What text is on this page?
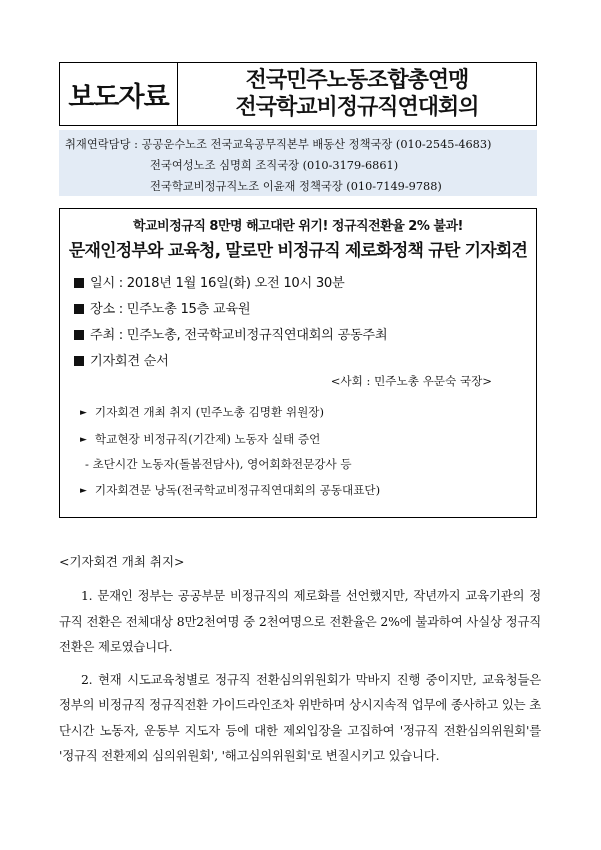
보도자료
전국민주노동조합총연맹
전국학교비정규직연대회의
취재연락담당 : 공공운수노조 전국교육공무직본부 배동산 정책국장 (010-2545-4683)
전국여성노조 심명희 조직국장 (010-3179-6861)
전국학교비정규직노조 이윤재 정책국장 (010-7149-9788)
학교비정규직 8만명 해고대란 위기! 정규직전환율 2% 불과!
문재인정부와 교육청, 말로만 비정규직 제로화정책 규탄 기자회견
일시 : 2018년 1월 16일(화) 오전 10시 30분
장소 : 민주노총 15층 교육원
주최 : 민주노총, 전국학교비정규직연대회의 공동주최
기자회견 순서
<사회 : 민주노총 우문숙 국장>
► 기자회견 개최 취지 (민주노총 김명환 위원장)
► 학교현장 비정규직(기간제) 노동자 실태 증언
- 초단시간 노동자(돌봄전담사), 영어회화전문강사 등
► 기자회견문 낭독(전국학교비정규직연대회의 공동대표단)
<기자회견 개최 취지>

1. 문재인 정부는 공공부문 비정규직의 제로화를 선언했지만, 작년까지 교육기관의 정규직 전환은 전체대상 8만2천여명 중 2천여명으로 전환율은 2%에 불과하여 사실상 정규직 전환은 제로였습니다.

2. 현재 시도교육청별로 정규직 전환심의위원회가 막바지 진행 중이지만, 교육청들은 정부의 비정규직 정규직전환 가이드라인조차 위반하며 상시지속적 업무에 종사하고 있는 초단시간 노동자, 운동부 지도자 등에 대한 제외입장을 고집하여 '정규직 전환심의위원회'를 '정규직 전환제외 심의위원회', '해고심의위원회'로 변질시키고 있습니다.
